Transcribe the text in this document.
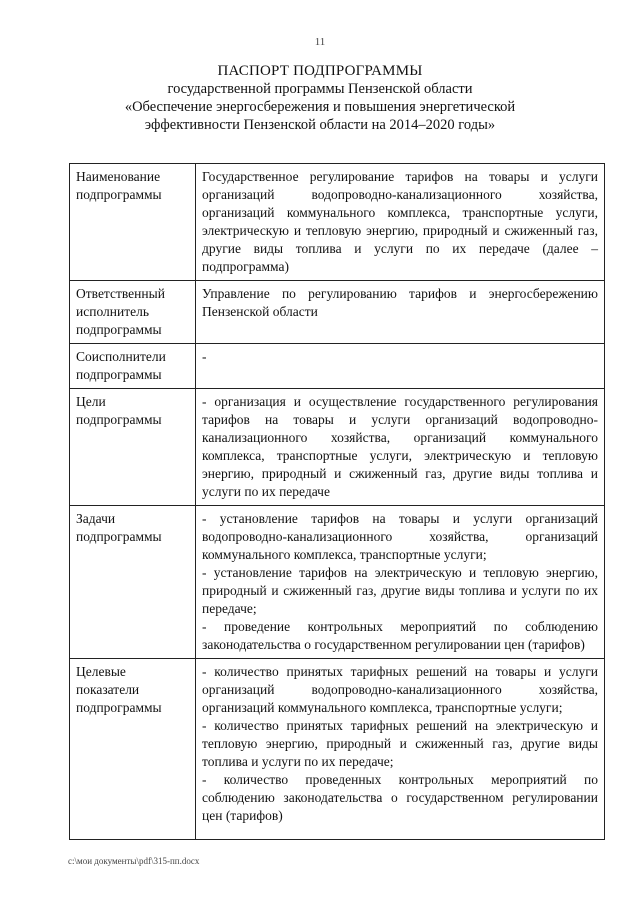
11
ПАСПОРТ ПОДПРОГРАММЫ
государственной программы Пензенской области
«Обеспечение энергосбережения и повышения энергетической
эффективности Пензенской области на 2014–2020 годы»
Наименование подпрограммы	Государственное регулирование тарифов на товары и услуги организаций водопроводно-канализационного хозяйства, организаций коммунального комплекса, транспортные услуги, электрическую и тепловую энергию, природный и сжиженный газ, другие виды топлива и услуги по их передаче (далее – подпрограмма)

Ответственный исполнитель подпрограммы	Управление по регулированию тарифов и энергосбережению Пензенской области

Соисполнители подпрограммы	-

Цели подпрограммы	- организация и осуществление государственного регулирования тарифов на товары и услуги организаций водопроводно-канализационного хозяйства, организаций коммунального комплекса, транспортные услуги, электрическую и тепловую энергию, природный и сжиженный газ, другие виды топлива и услуги по их передаче

Задачи подпрограммы	- установление тарифов на товары и услуги организаций водопроводно-канализационного хозяйства, организаций коммунального комплекса, транспортные услуги;

- установление тарифов на электрическую и тепловую энергию, природный и сжиженный газ, другие виды топлива и услуги по их передаче;

- проведение контрольных мероприятий по соблюдению законодательства о государственном регулировании цен (тарифов)

Целевые показатели подпрограммы	- количество принятых тарифных решений на товары и услуги организаций водопроводно-канализационного хозяйства, организаций коммунального комплекса, транспортные услуги;

- количество принятых тарифных решений на электрическую и тепловую энергию, природный и сжиженный газ, другие виды топлива и услуги по их передаче;

- количество проведенных контрольных мероприятий по соблюдению законодательства о государственном регулировании цен (тарифов)

c:\мои документы\pdf\315-пп.docx
